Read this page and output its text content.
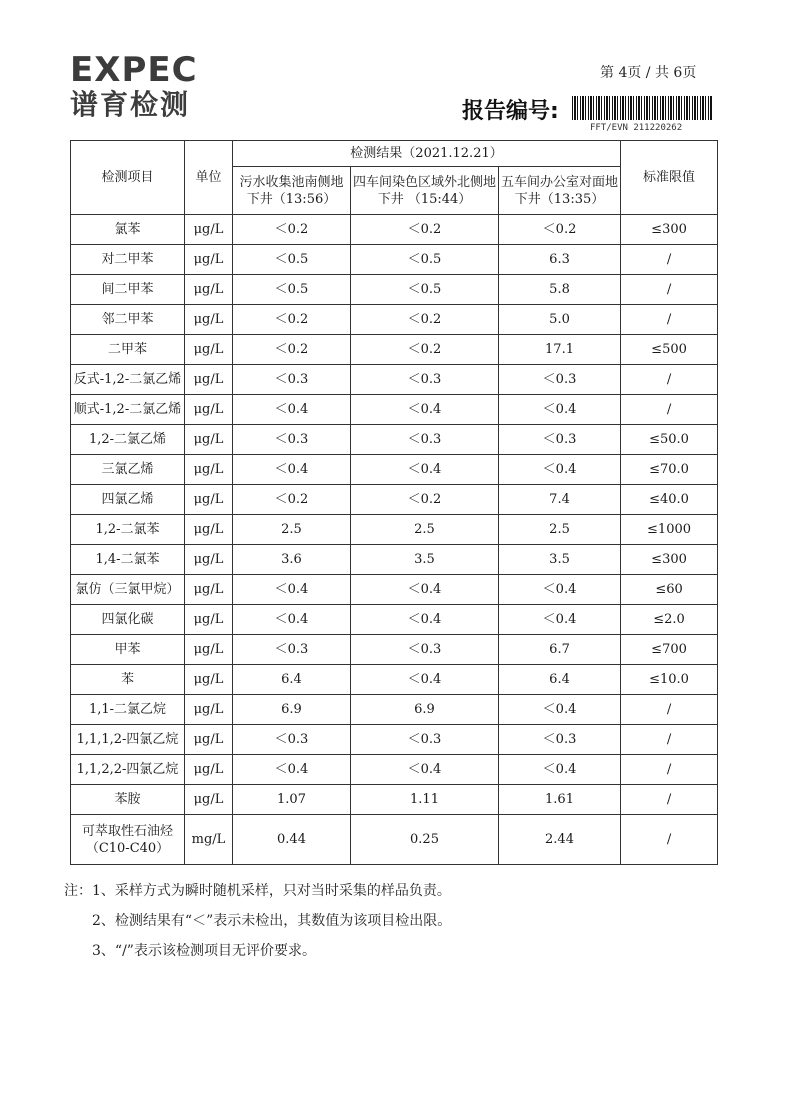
EXPEC
谱育检测
第 4页 / 共 6页
报告编号:
FFT/EVN 211220262
检测项目	单位	检测结果（2021.12.21）			标准限值
		污水收集池南侧地下井（13:56）	四车间染色区域外北侧地下井 （15:44）	五车间办公室对面地下井（13:35）	
氯苯	μg/L	＜0.2	＜0.2	＜0.2	≤300
对二甲苯	μg/L	＜0.5	＜0.5	6.3	/
间二甲苯	μg/L	＜0.5	＜0.5	5.8	/
邻二甲苯	μg/L	＜0.2	＜0.2	5.0	/
二甲苯	μg/L	＜0.2	＜0.2	17.1	≤500
反式-1,2-二氯乙烯	μg/L	＜0.3	＜0.3	＜0.3	/
顺式-1,2-二氯乙烯	μg/L	＜0.4	＜0.4	＜0.4	/
1,2-二氯乙烯	μg/L	＜0.3	＜0.3	＜0.3	≤50.0
三氯乙烯	μg/L	＜0.4	＜0.4	＜0.4	≤70.0
四氯乙烯	μg/L	＜0.2	＜0.2	7.4	≤40.0
1,2-二氯苯	μg/L	2.5	2.5	2.5	≤1000
1,4-二氯苯	μg/L	3.6	3.5	3.5	≤300
氯仿（三氯甲烷）	μg/L	＜0.4	＜0.4	＜0.4	≤60
四氯化碳	μg/L	＜0.4	＜0.4	＜0.4	≤2.0
甲苯	μg/L	＜0.3	＜0.3	6.7	≤700
苯	μg/L	6.4	＜0.4	6.4	≤10.0
1,1-二氯乙烷	μg/L	6.9	6.9	＜0.4	/
1,1,1,2-四氯乙烷	μg/L	＜0.3	＜0.3	＜0.3	/
1,1,2,2-四氯乙烷	μg/L	＜0.4	＜0.4	＜0.4	/
苯胺	μg/L	1.07	1.11	1.61	/

可萃取性石油烃
（C10-C40）	mg/L	0.44	0.25	2.44	/
注：1、采样方式为瞬时随机采样，只对当时采集的样品负责。
2、检测结果有“＜”表示未检出，其数值为该项目检出限。
3、“/”表示该检测项目无评价要求。
